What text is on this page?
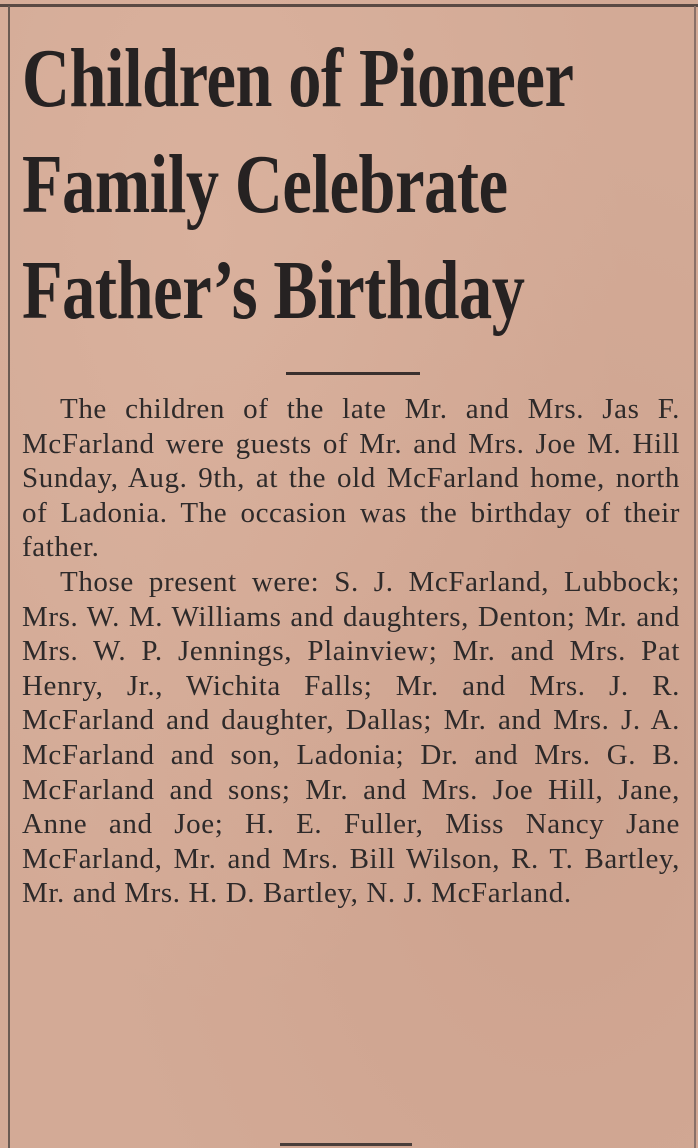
Children of Pioneer
Family Celebrate
Father’s Birthday

The children of the late Mr. and Mrs. Jas F. McFarland were guests of Mr. and Mrs. Joe M. Hill Sunday, Aug. 9th, at the old McFarland home, north of Ladonia. The occasion was the birthday of their father.

Those present were: S. J. McFarland, Lubbock; Mrs. W. M. Williams and daughters, Denton; Mr. and Mrs. W. P. Jennings, Plainview; Mr. and Mrs. Pat Henry, Jr., Wichita Falls; Mr. and Mrs. J. R. McFarland and daughter, Dallas; Mr. and Mrs. J. A. McFarland and son, Ladonia; Dr. and Mrs. G. B. McFarland and sons; Mr. and Mrs. Joe Hill, Jane, Anne and Joe; H. E. Fuller, Miss Nancy Jane McFarland, Mr. and Mrs. Bill Wilson, R. T. Bartley, Mr. and Mrs. H. D. Bartley, N. J. McFarland.
